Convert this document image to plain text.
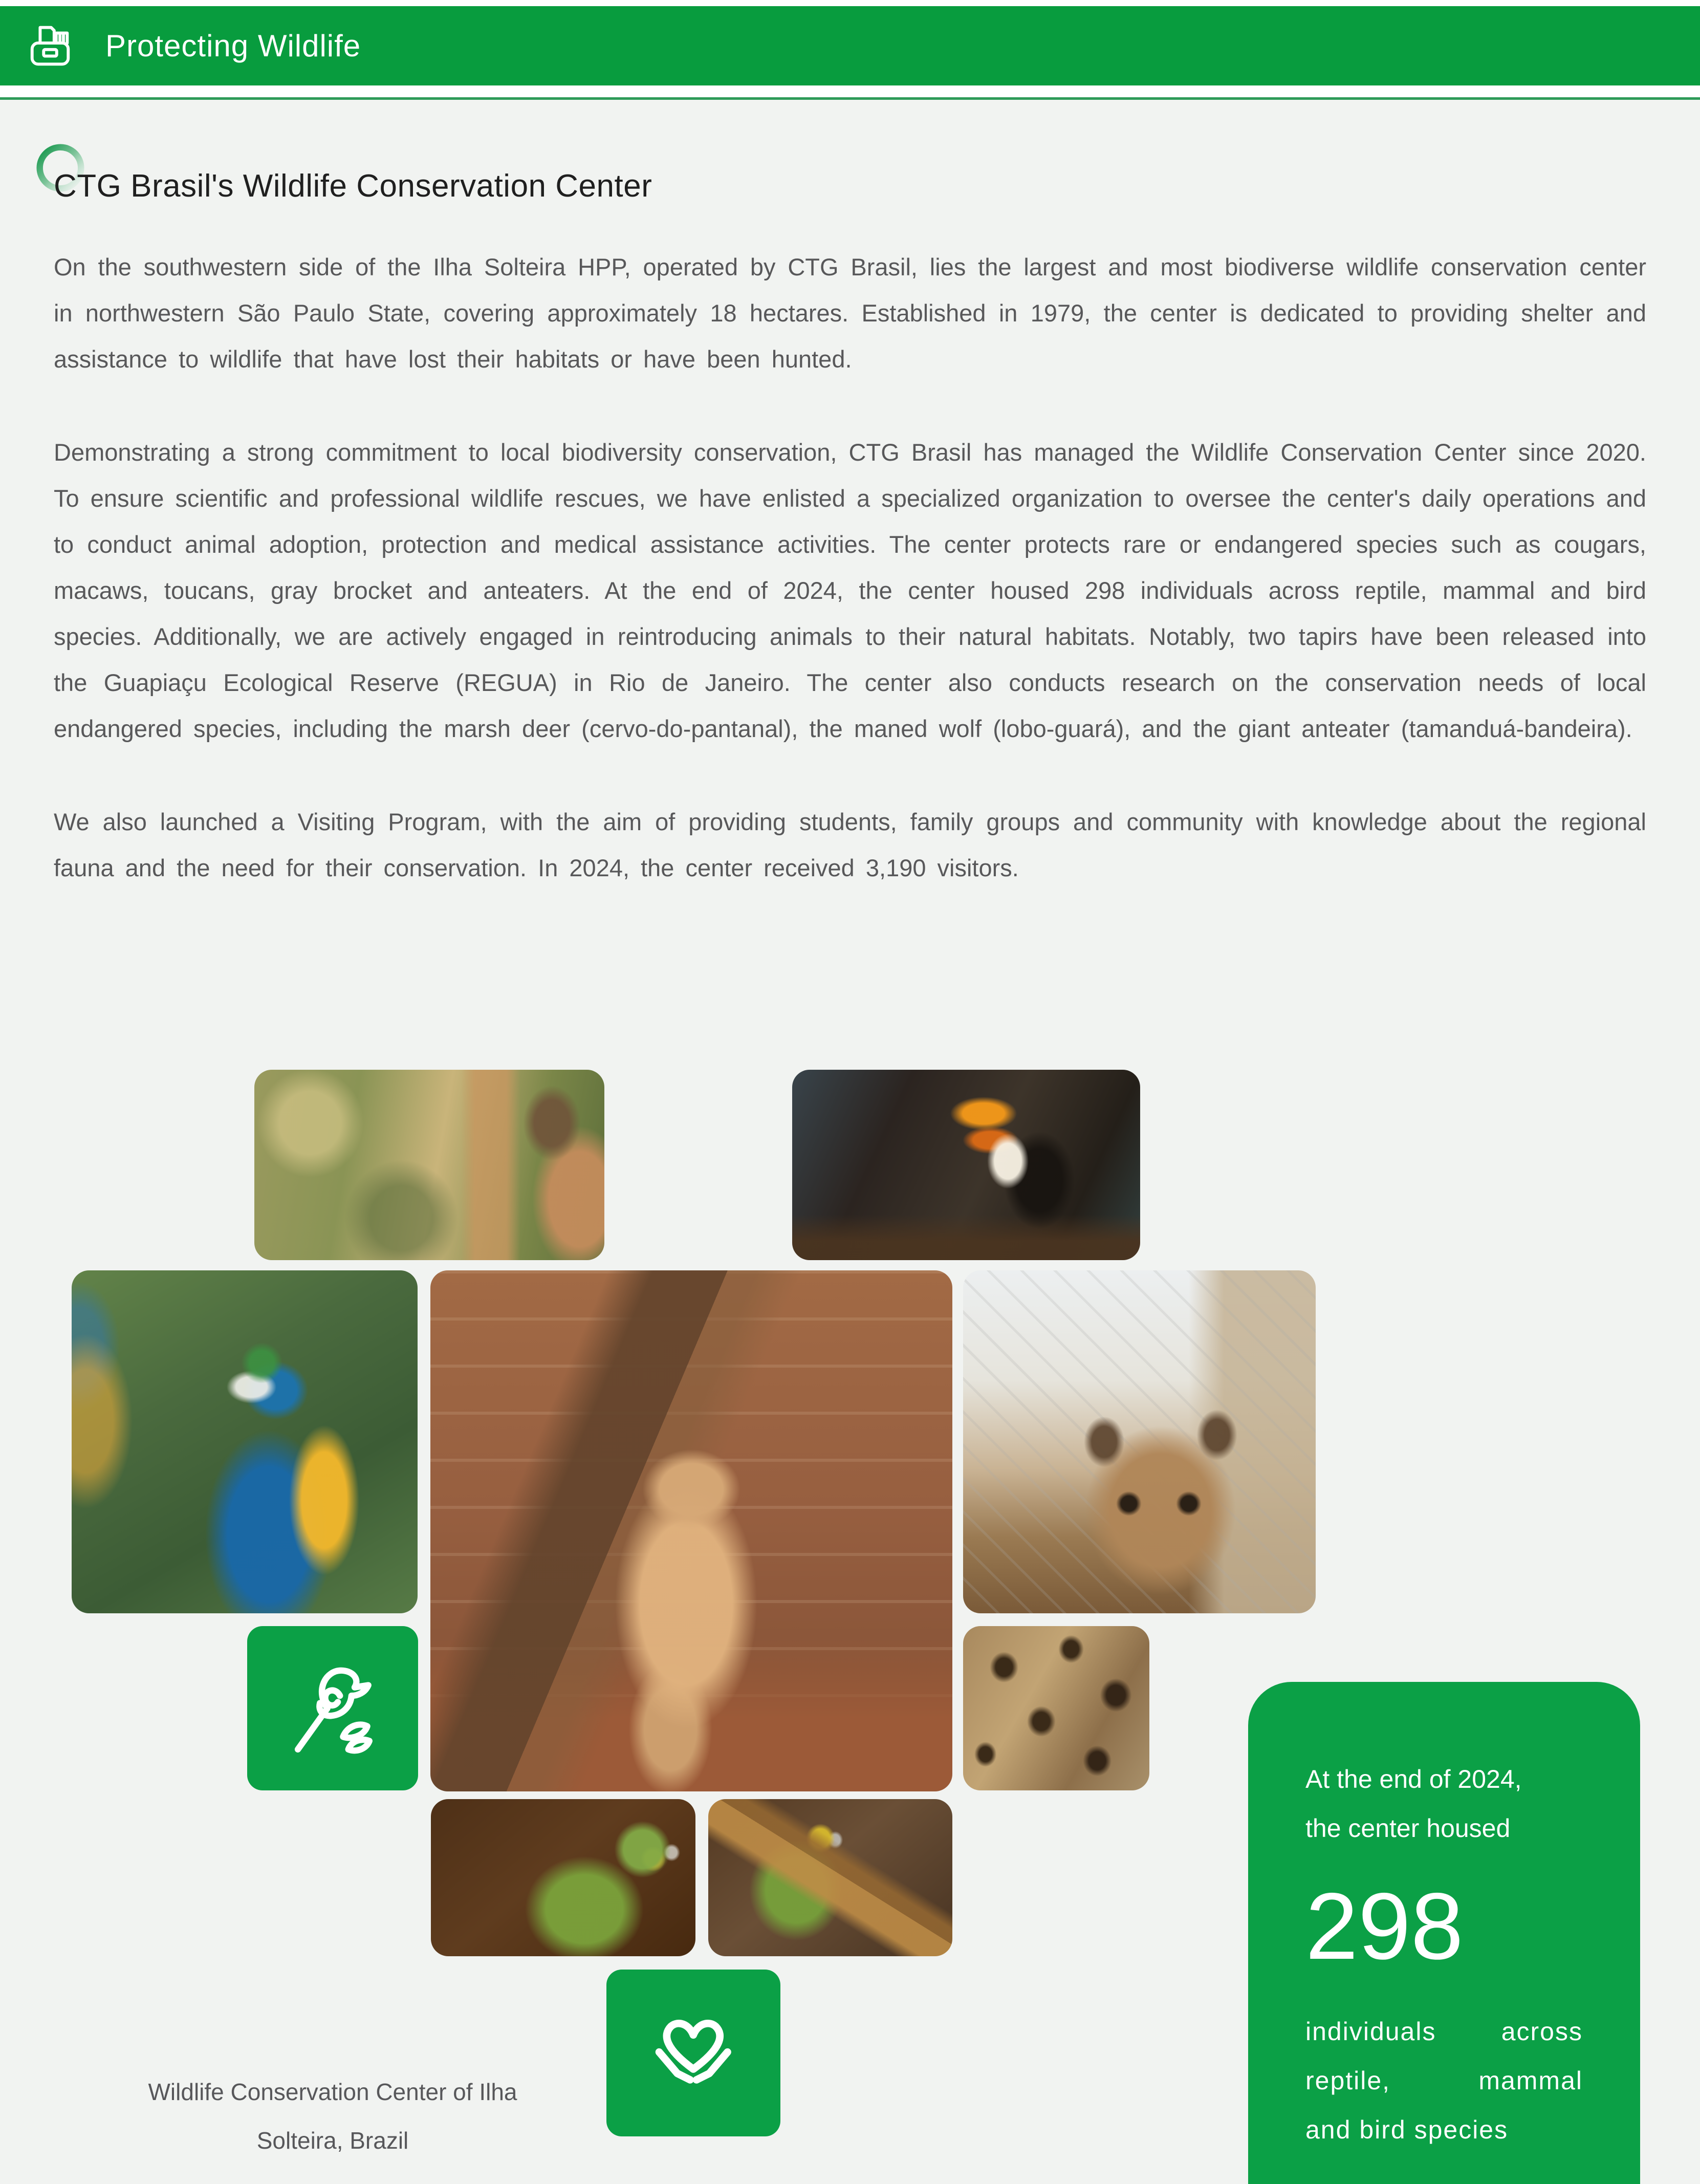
Protecting Wildlife
CTG Brasil's Wildlife Conservation Center

On the southwestern side of the Ilha Solteira HPP, operated by CTG Brasil, lies the largest and most biodiverse wildlife conservation center in northwestern São Paulo State, covering approximately 18 hectares. Established in 1979, the center is dedicated to providing shelter and assistance to wildlife that have lost their habitats or have been hunted.

Demonstrating a strong commitment to local biodiversity conservation, CTG Brasil has managed the Wildlife Conservation Center since 2020. To ensure scientific and professional wildlife rescues, we have enlisted a specialized organization to oversee the center's daily operations and to conduct animal adoption, protection and medical assistance activities. The center protects rare or endangered species such as cougars, macaws, toucans, gray brocket and anteaters. At the end of 2024, the center housed 298 individuals across reptile, mammal and bird species. Additionally, we are actively engaged in reintroducing animals to their natural habitats. Notably, two tapirs have been released into the Guapiaçu Ecological Reserve (REGUA) in Rio de Janeiro. The center also conducts research on the conservation needs of local endangered species, including the marsh deer (cervo-do-pantanal), the maned wolf (lobo-guará), and the giant anteater (tamanduá-bandeira).

We also launched a Visiting Program, with the aim of providing students, family groups and community with knowledge about the regional fauna and the need for their conservation. In 2024, the center received 3,190 visitors.

Wildlife Conservation Center of Ilha
Solteira, Brazil
At the end of 2024,
the center housed
298
individuals across
reptile, mammal
and bird species
